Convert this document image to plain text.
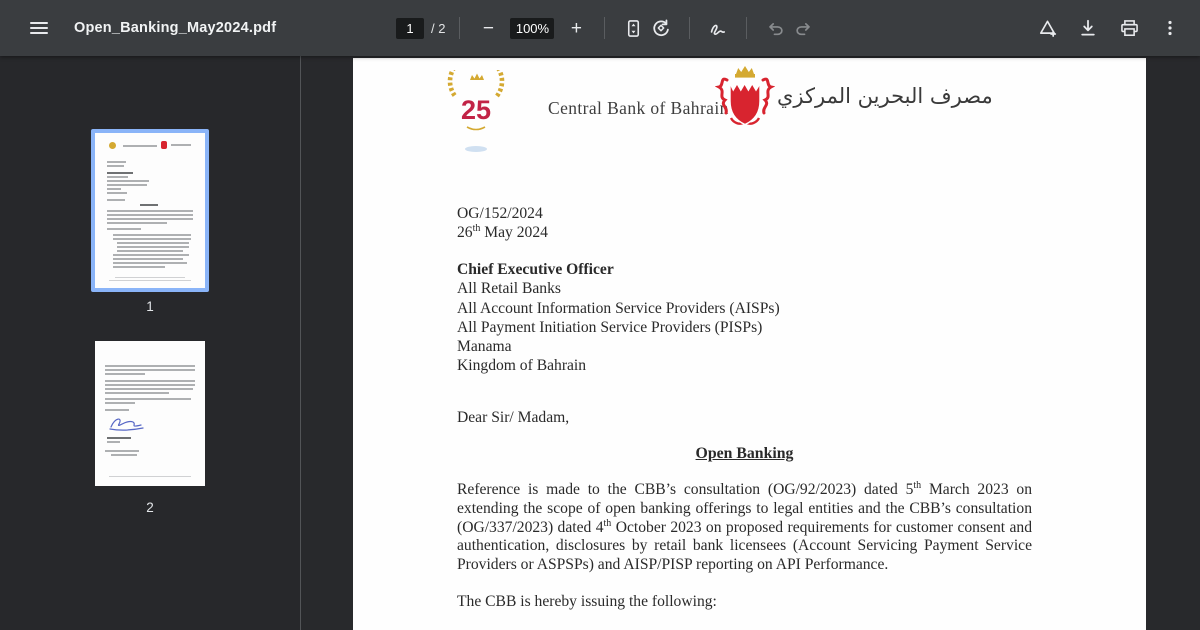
Open_Banking_May2024.pdf
1	/ 2 −	100% +
1
2
25	Central Bank of Bahrain مصرف البحرين المركزي
OG/152/2024
26th May 2024
Chief Executive Officer
All Retail Banks
All Account Information Service Providers (AISPs)
All Payment Initiation Service Providers (PISPs)
Manama
Kingdom of Bahrain
Dear Sir/ Madam,
Open Banking
Reference is made to the CBB’s consultation (OG/92/2023) dated 5th March 2023 on extending the scope of open banking offerings to legal entities and the CBB’s consultation (OG/337/2023) dated 4th October 2023 on proposed requirements for customer consent and authentication, disclosures by retail bank licensees (Account Servicing Payment Service Providers or ASPSPs) and AISP/PISP reporting on API Performance.
The CBB is hereby issuing the following:
